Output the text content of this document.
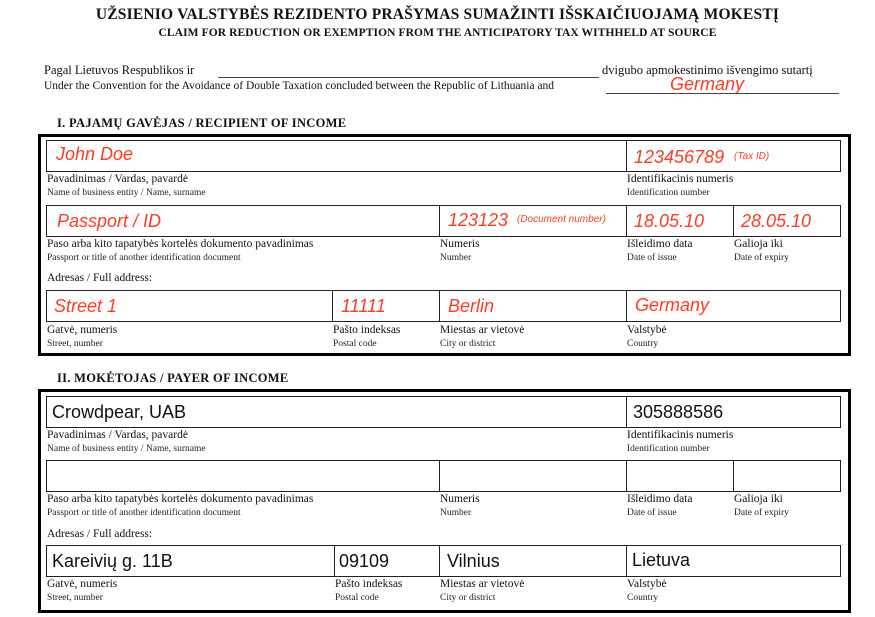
UŽSIENIO VALSTYBĖS REZIDENTO PRAŠYMAS SUMAŽINTI IŠSKAIČIUOJAMĄ MOKESTĮ
CLAIM FOR REDUCTION OR EXEMPTION FROM THE ANTICIPATORY TAX WITHHELD AT SOURCE
Pagal Lietuvos Respublikos ir	dvigubo apmokestinimo išvengimo sutartį
Under the Convention for the Avoidance of Double Taxation concluded between the Republic of Lithuania and	Germany
I. PAJAMŲ GAVĖJAS / RECIPIENT OF INCOME
John Doe	123456789 (Tax ID)
Pavadinimas / Vardas, pavardė
Name of business entity / Name, surname
Identifikacinis numeris
Identification number
Passport / ID	123123 (Document number) 18.05.10 28.05.10
Paso arba kito tapatybės kortelės dokumento pavadinimas
Passport or title of another identification document
Numeris
Number
Išleidimo data
Date of issue
Galioja iki
Date of expiry
Adresas / Full address:
Street 1	11111	Berlin	Germany
Gatvė, numeris
Street, number
Pašto indeksas
Postal code
Miestas ar vietovė
City or district
Valstybė
Country
II. MOKĖTOJAS / PAYER OF INCOME
Crowdpear, UAB	305888586
Pavadinimas / Vardas, pavardė
Name of business entity / Name, surname
Identifikacinis numeris
Identification number
Paso arba kito tapatybės kortelės dokumento pavadinimas
Passport or title of another identification document
Numeris
Number
Išleidimo data
Date of issue
Galioja iki
Date of expiry
Adresas / Full address:
Kareivių g. 11B	09109	Vilnius	Lietuva
Gatvė, numeris
Street, number
Pašto indeksas
Postal code
Miestas ar vietovė
City or district
Valstybė
Country
